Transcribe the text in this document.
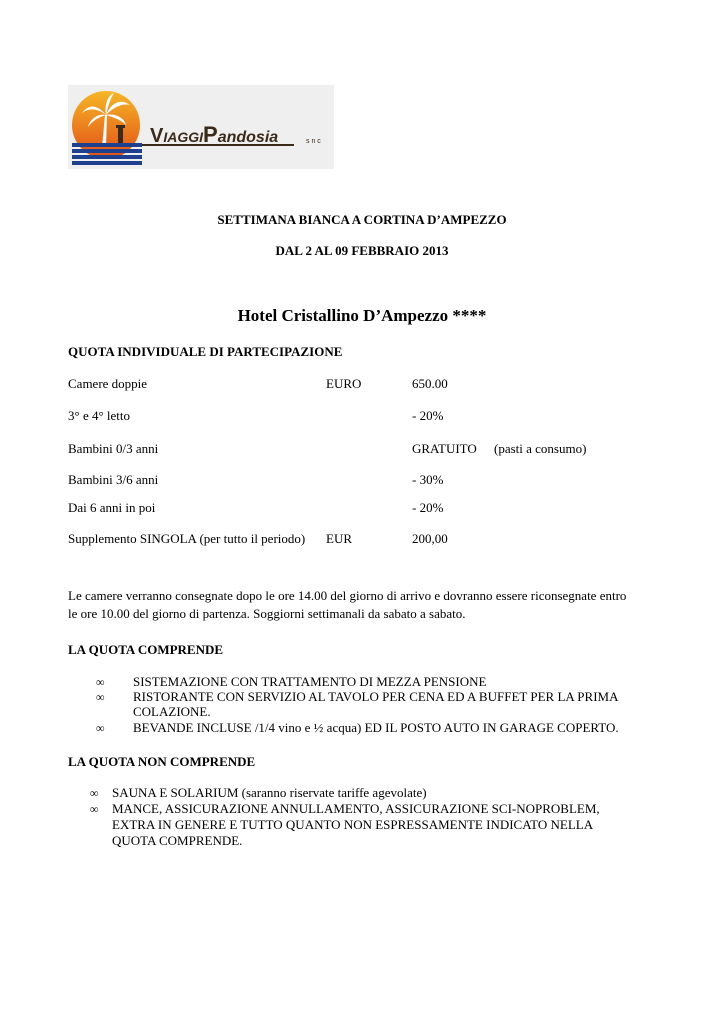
VIAGGIPandosia	s n c
SETTIMANA BIANCA A CORTINA D’AMPEZZO
DAL 2 AL 09 FEBBRAIO 2013
Hotel Cristallino D’Ampezzo ****
QUOTA INDIVIDUALE DI PARTECIPAZIONE
Camere doppie	EURO	650.00
3° e 4° letto	- 20%
Bambini 0/3 anni	GRATUITO (pasti a consumo)
Bambini 3/6 anni	- 30%
Dai 6 anni in poi	- 20%
Supplemento SINGOLA (per tutto il periodo) EUR	200,00
Le camere verranno consegnate dopo le ore 14.00 del giorno di arrivo e dovranno essere riconsegnate entro
le ore 10.00 del giorno di partenza. Soggiorni settimanali da sabato a sabato.
LA QUOTA COMPRENDE
∞ SISTEMAZIONE CON TRATTAMENTO DI MEZZA PENSIONE
∞ RISTORANTE CON SERVIZIO AL TAVOLO PER CENA ED A BUFFET PER LA PRIMA
COLAZIONE.
∞ BEVANDE INCLUSE /1/4 vino e ½ acqua) ED IL POSTO AUTO IN GARAGE COPERTO.
LA QUOTA NON COMPRENDE
∞ SAUNA E SOLARIUM (saranno riservate tariffe agevolate)
∞ MANCE, ASSICURAZIONE ANNULLAMENTO, ASSICURAZIONE SCI-NOPROBLEM,
EXTRA IN GENERE E TUTTO QUANTO NON ESPRESSAMENTE INDICATO NELLA
QUOTA COMPRENDE.
